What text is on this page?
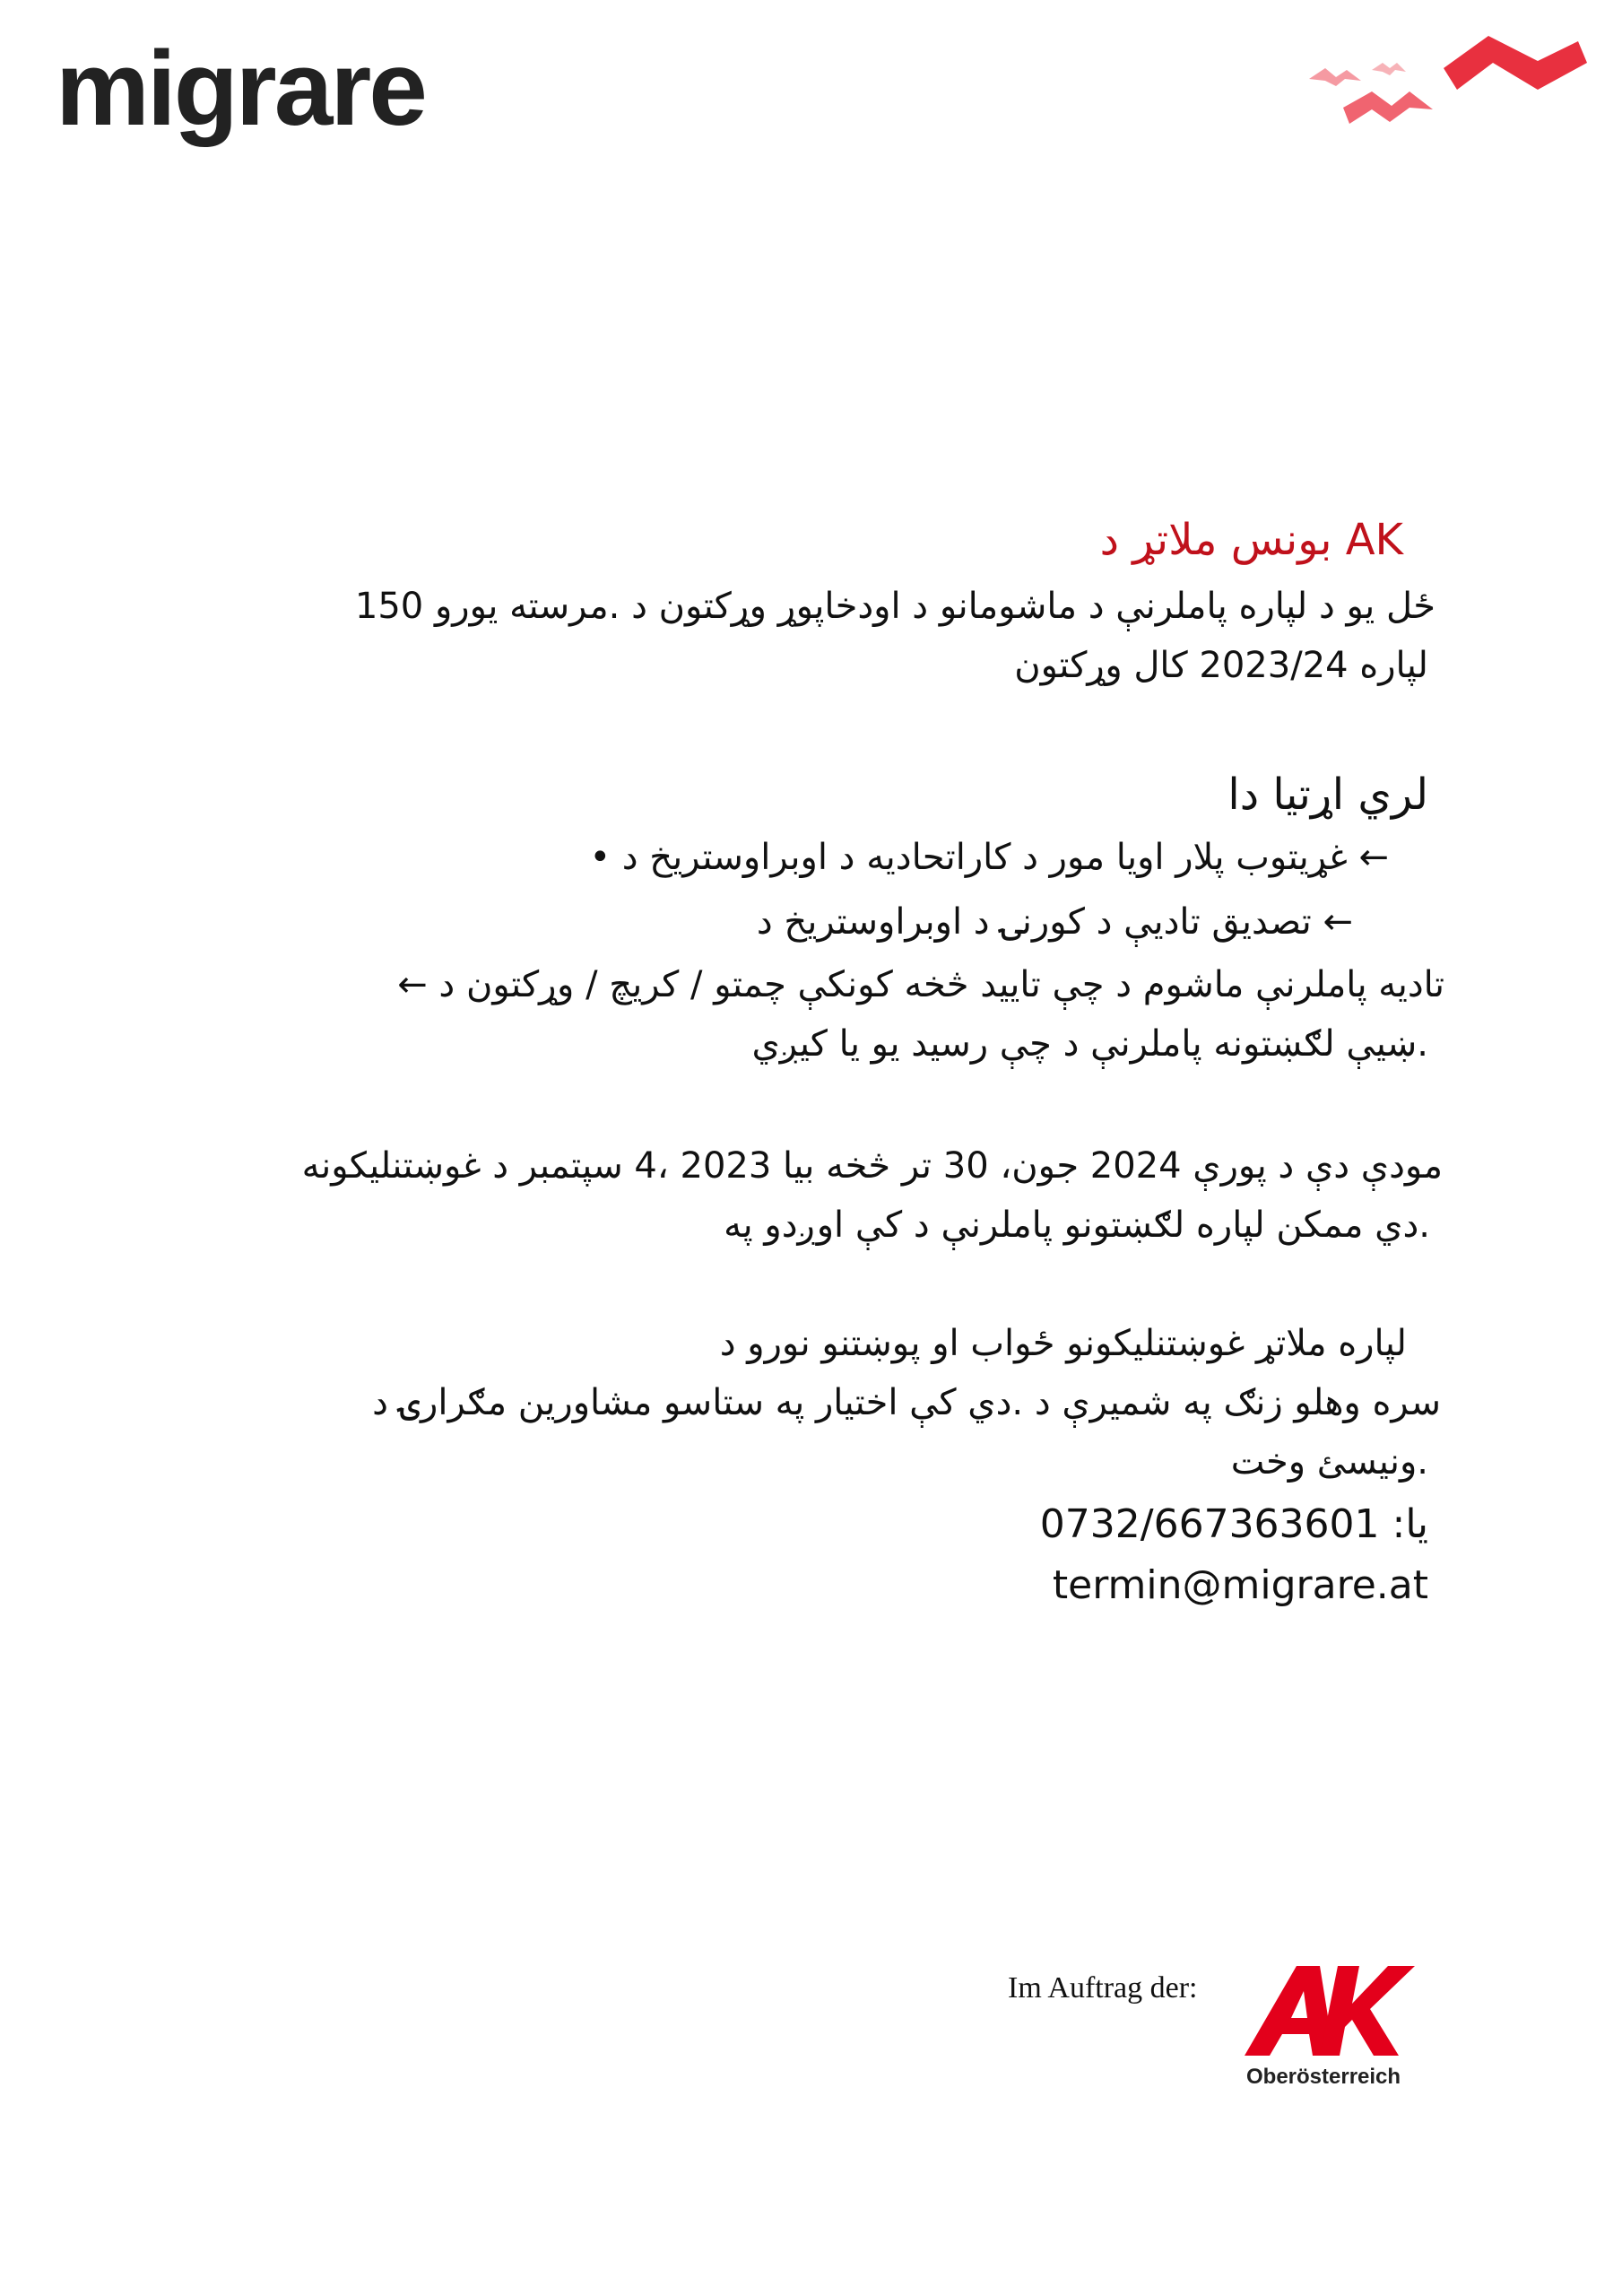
migrare
AK بونس ملاتړ د
ځل يو د لپاره پاملرنې د ماشومانو د اودخاپوړ وړکتون د .مرسته يورو 150
لپاره 2023/24 کال وړکتون
لري اړتيا دا
← غړيتوب پلار اويا مور د کاراتحاديه د اوبراوستريخ د •
← تصديق تاديې د کورنۍ د اوبراوستريخ د
تاديه پاملرنې ماشوم د چې تاييد څخه کونکې چمتو / کريچ / وړکتون د ←
.ښيې لګښتونه پاملرنې د چې رسيد يو يا کيږي
مودې دې د پورې 2024 جون، 30 تر څخه بيا 2023 ،4 سپتمبر د غوښتنليکونه
.دي ممکن لپاره لګښتونو پاملرنې د کې اوږدو په
لپاره ملاتړ غوښتنليکونو ځواب او پوښتنو نورو د
سره وهلو زنګ په شميرې د .دي کې اختيار په ستاسو مشاورين مګرارۍ د
.ونيسئ وخت
0732/667363601 :يا
termin@migrare.at
Im Auftrag der:
Oberösterreich
